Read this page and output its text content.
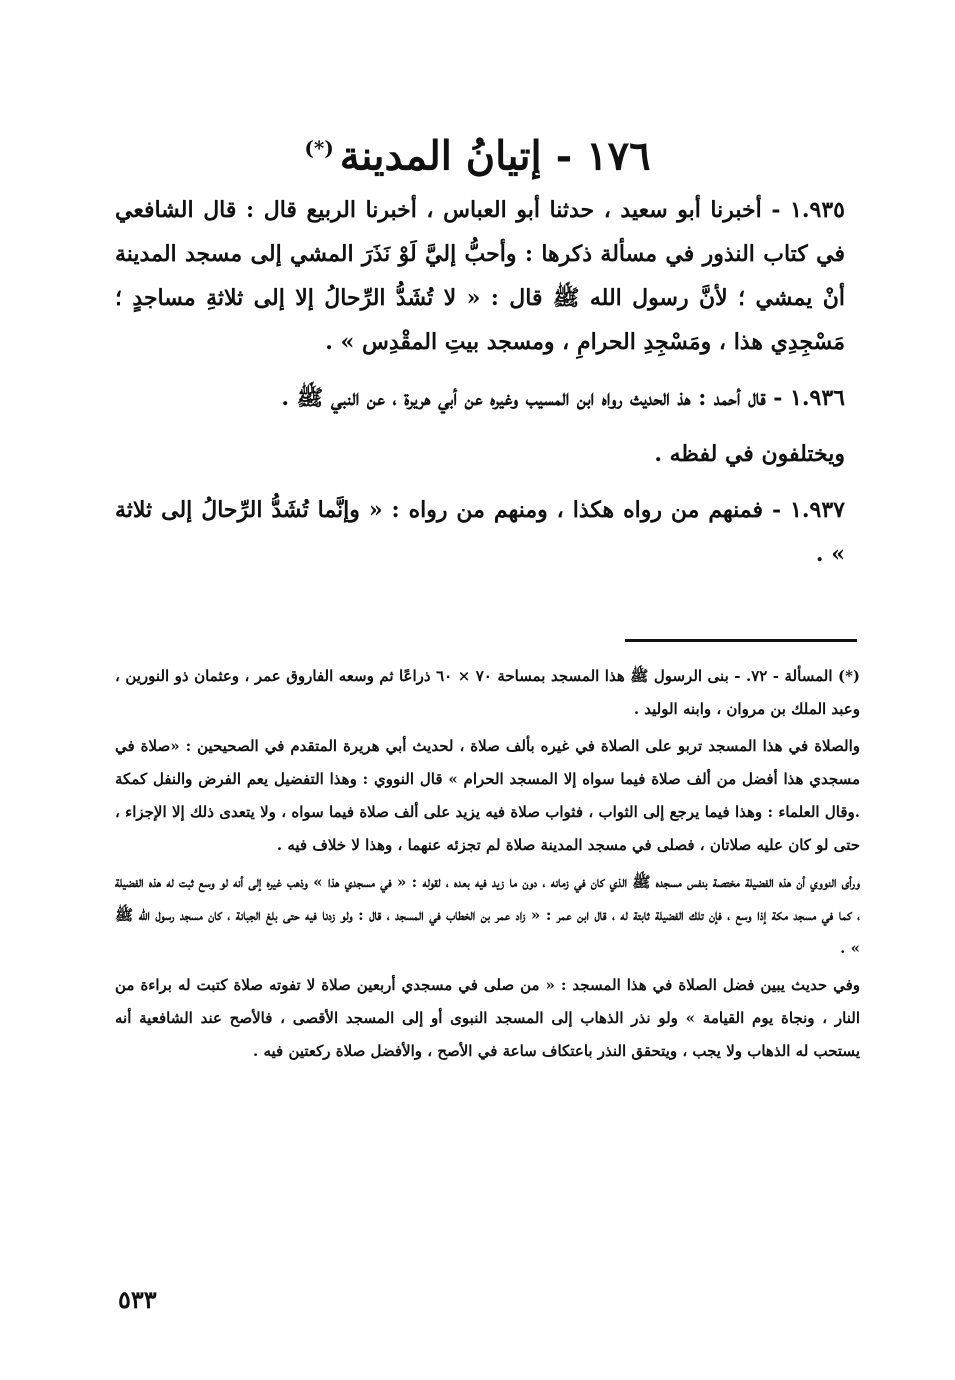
١٧٦ - إتيانُ المدينة(*)

١.٩٣٥ - أخبرنا أبو سعيد ، حدثنا أبو العباس ، أخبرنا الربيع قال : قال الشافعي في كتاب النذور في مسألة ذكرها : وأحبُّ إليَّ لَوْ نَذَرَ المشي إلى مسجد المدينة أنْ يمشي ؛ لأنَّ رسول الله ﷺ قال : « لا تُشَدُّ الرِّحالُ إلا إلى ثلاثةِ مساجدٍ ؛ مَسْجِدِي هذا ، ومَسْجِدِ الحرامِ ، ومسجد بيتِ المقْدِس » .

١.٩٣٦ - قال أحمد : هذ الحديث رواه ابن المسيب وغيره عن أبي هريرة ، عن النبي ﷺ .

ويختلفون في لفظه .

١.٩٣٧ - فمنهم من رواه هكذا ، ومنهم من رواه : « وإنَّما تُشَدُّ الرِّحالُ إلى ثلاثة » .

(*) المسألة - ٧٢. - بنى الرسول ﷺ هذا المسجد بمساحة ٧٠ × ٦٠ ذراعًا ثم وسعه الفاروق عمر ، وعثمان ذو النورين ، وعبد الملك بن مروان ، وابنه الوليد .

والصلاة في هذا المسجد تربو على الصلاة في غيره بألف صلاة ، لحديث أبي هريرة المتقدم في الصحيحين : «صلاة في مسجدي هذا أفضل من ألف صلاة فيما سواه إلا المسجد الحرام » قال النووي : وهذا التفضيل يعم الفرض والنفل كمكة .وقال العلماء : وهذا فيما يرجع إلى الثواب ، فثواب صلاة فيه يزيد على ألف صلاة فيما سواه ، ولا يتعدى ذلك إلا الإجزاء ، حتى لو كان عليه صلاتان ، فصلى في مسجد المدينة صلاة لم تجزئه عنهما ، وهذا لا خلاف فيه .

ورأى النووي أن هذه الفضيلة مختصة بنفس مسجده ﷺ الذي كان في زمانه ، دون ما زيد فيه بعده ، لقوله : « في مسجدي هذا » وذهب غيره إلى أنه لو وسع ثبت له هذه الفضيلة ، كما في مسجد مكة إذا وسع ، فإن تلك الفضيلة ثابتة له ، قال ابن عمر : « زاد عمر بن الخطاب في المسجد ، قال : ولو زدنا فيه حتى بلغ الجبانة ، كان مسجد رسول الله ﷺ » .

وفي حديث يبين فضل الصلاة في هذا المسجد : « من صلى في مسجدي أربعين صلاة لا تفوته صلاة كتبت له براءة من النار ، ونجاة يوم القيامة » ولو نذر الذهاب إلى المسجد النبوى أو إلى المسجد الأقصى ، فالأصح عند الشافعية أنه يستحب له الذهاب ولا يجب ، ويتحقق النذر باعتكاف ساعة في الأصح ، والأفضل صلاة ركعتين فيه .

٥٣٣
